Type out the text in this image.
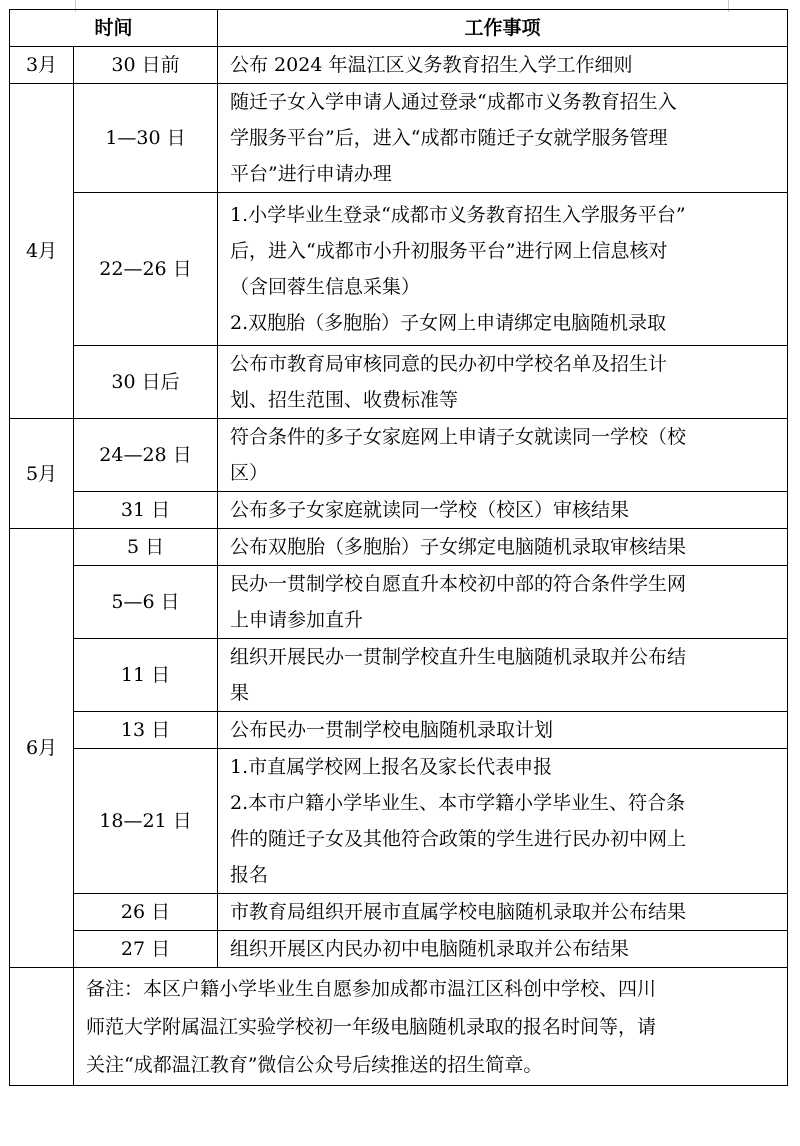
时间		工作事项
3月	30 日前	公布 2024 年温江区义务教育招生入学工作细则

4月	1—30 日	随迁子女入学申请人通过登录“成都市义务教育招生入
学服务平台”后，进入“成都市随迁子女就学服务管理
平台”进行申请办理

	22—26 日	1.小学毕业生登录“成都市义务教育招生入学服务平台”
后，进入“成都市小升初服务平台”进行网上信息核对
（含回蓉生信息采集）
2.双胞胎（多胞胎）子女网上申请绑定电脑随机录取

	30 日后	公布市教育局审核同意的民办初中学校名单及招生计
划、招生范围、收费标准等

5月	24—28 日	符合条件的多子女家庭网上申请子女就读同一学校（校
区）

	31 日	公布多子女家庭就读同一学校（校区）审核结果

6月	5 日	公布双胞胎（多胞胎）子女绑定电脑随机录取审核结果

	5—6 日	民办一贯制学校自愿直升本校初中部的符合条件学生网
上申请参加直升

	11 日	组织开展民办一贯制学校直升生电脑随机录取并公布结
果

	13 日	公布民办一贯制学校电脑随机录取计划

	18—21 日	1.市直属学校网上报名及家长代表申报
2.本市户籍小学毕业生、本市学籍小学毕业生、符合条
件的随迁子女及其他符合政策的学生进行民办初中网上
报名

	26 日	市教育局组织开展市直属学校电脑随机录取并公布结果

	27 日	组织开展区内民办初中电脑随机录取并公布结果

	备注：本区户籍小学毕业生自愿参加成都市温江区科创中学校、四川
师范大学附属温江实验学校初一年级电脑随机录取的报名时间等，请
关注“成都温江教育”微信公众号后续推送的招生简章。	
